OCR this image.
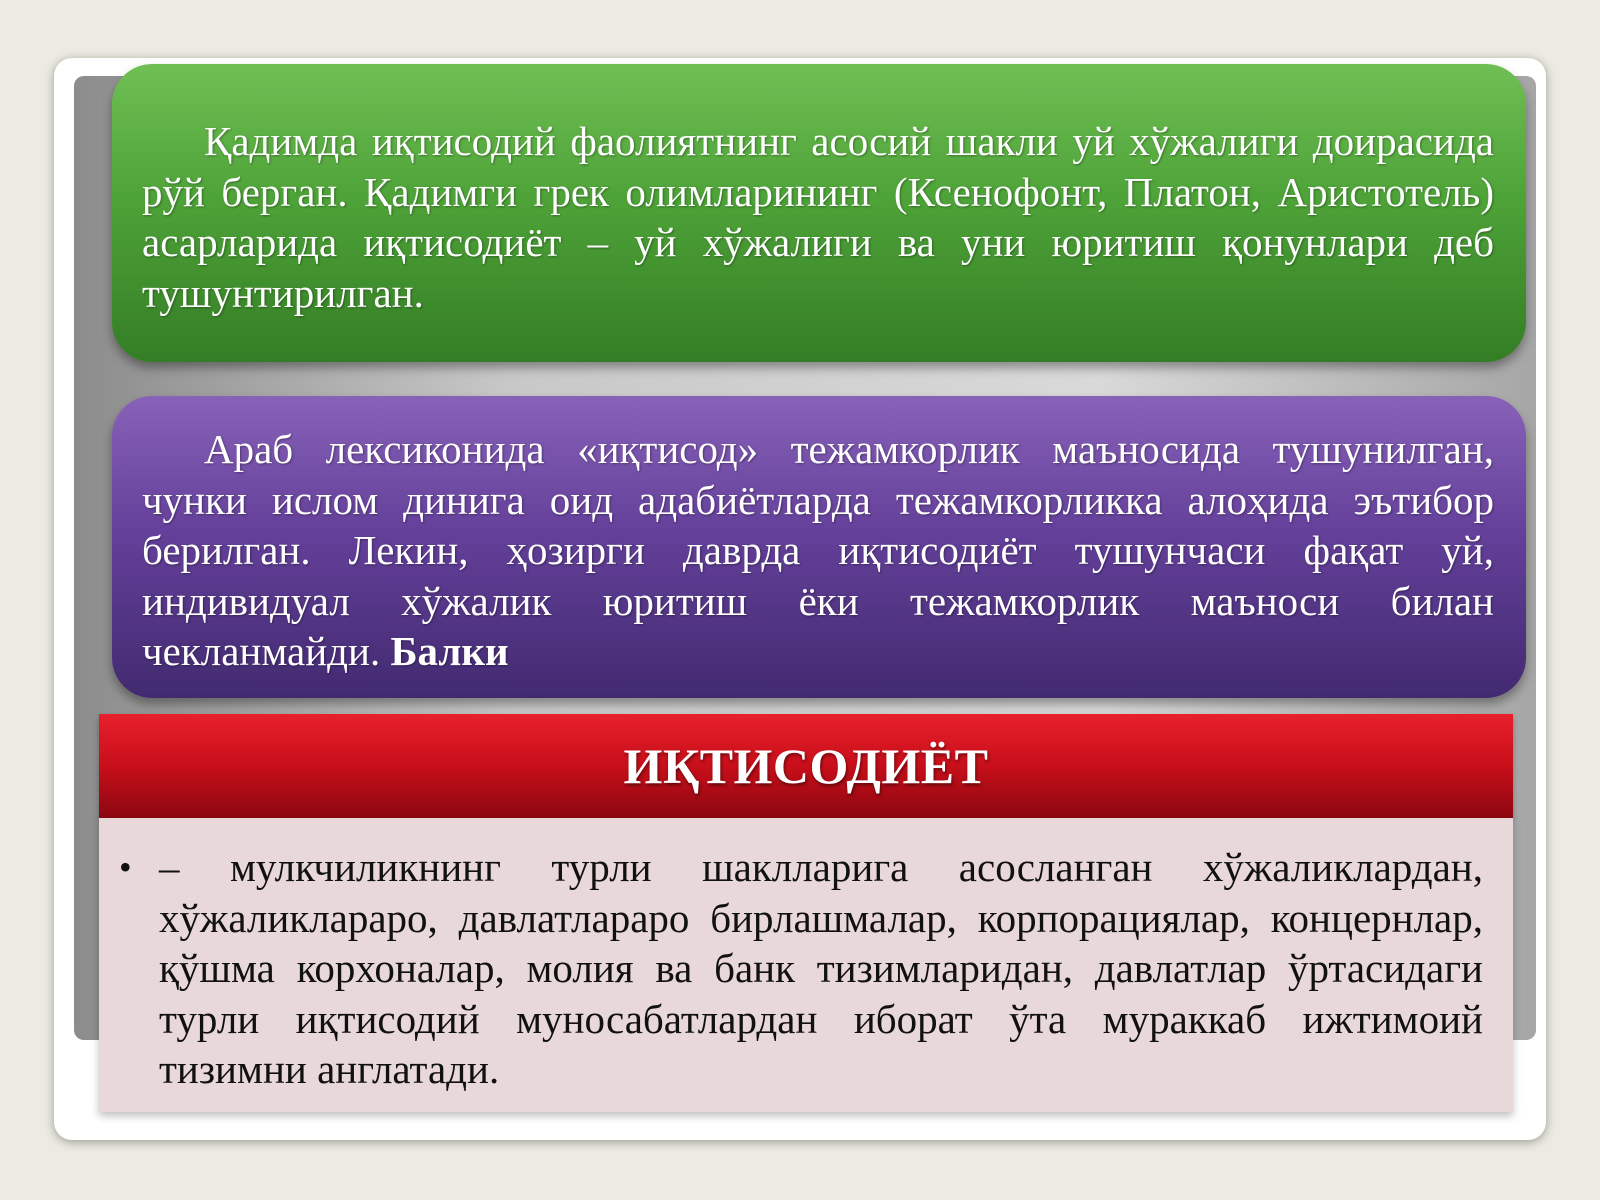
Қадимда иқтисодий фаолиятнинг асосий шакли уй хўжалиги доирасида рўй берган. Қадимги грек олимларининг (Ксенофонт, Платон, Аристотель) асарларида иқтисодиёт – уй хўжалиги ва уни юритиш қонунлари деб тушунтирилган.

Араб лексиконида «иқтисод» тежамкорлик маъносида тушунилган, чунки ислом динига оид адабиётларда тежамкорликка алоҳида эътибор берилган. Лекин, ҳозирги даврда иқтисодиёт тушунчаси фақат уй, индивидуал хўжалик юритиш ёки тежамкорлик маъноси билан чекланмайди. Балки

ИҚТИСОДИЁТ
• – мулкчиликнинг турли шаклларига асосланган хўжаликлардан, хўжаликлараро, давлатлараро бирлашмалар, корпорациялар, концернлар, қўшма корхоналар, молия ва банк тизимларидан, давлатлар ўртасидаги турли иқтисодий муносабатлардан иборат ўта мураккаб ижтимоий тизимни англатади.
